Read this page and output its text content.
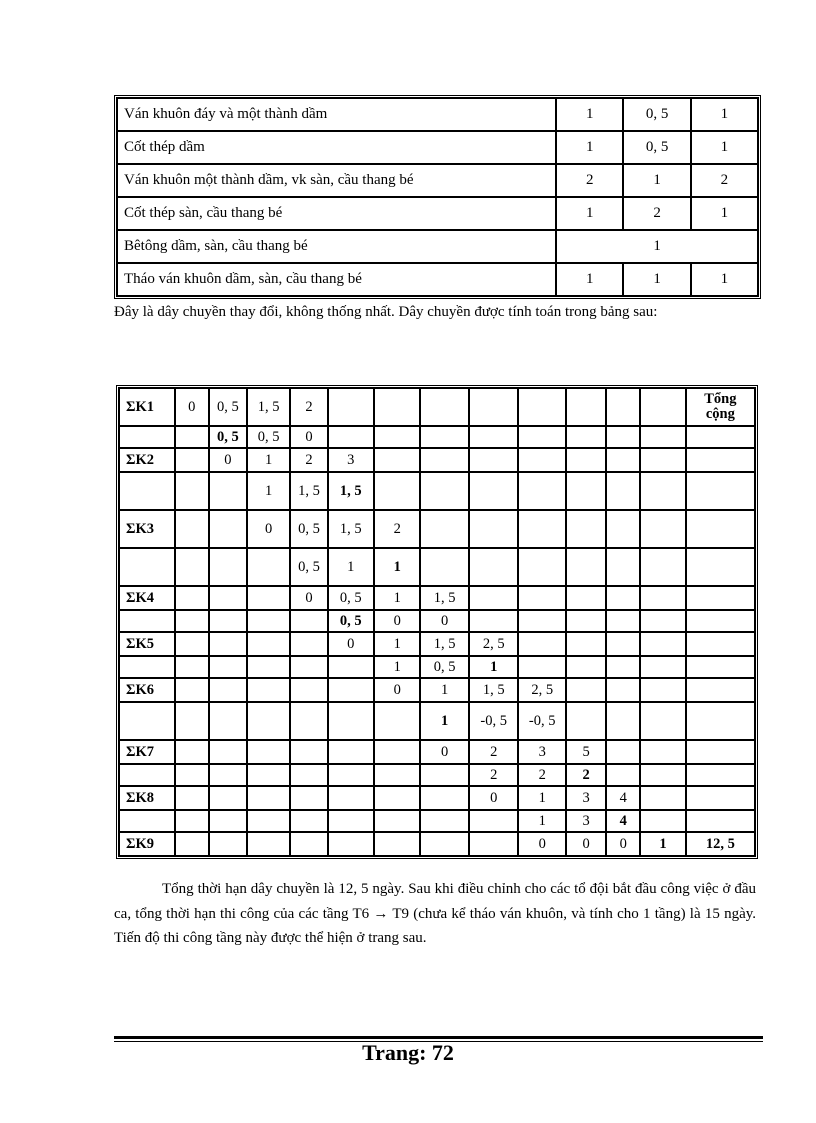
Ván khuôn đáy và một thành dầm	1	0, 5	1
Cốt thép dầm	1	0, 5	1
Ván khuôn một thành dầm, vk sàn, cầu thang bé	2	1	2
Cốt thép sàn, cầu thang bé	1	2	1
Bêtông dầm, sàn, cầu thang bé	1		
Tháo ván khuôn dầm, sàn, cầu thang bé	1	1	1

Đây là dây chuyền thay đổi, không thống nhất. Dây chuyền được tính toán trong bảng sau:

ΣK1	0	0, 5	1, 5	2									Tổng cộng
		0, 5	0, 5	0									
ΣK2		0	1	2	3								
			1	1, 5	1, 5								
ΣK3			0	0, 5	1, 5	2							
				0, 5	1	1							
ΣK4				0	0, 5	1	1, 5						
					0, 5	0	0						
ΣK5					0	1	1, 5	2, 5					
						1	0, 5	1					
ΣK6						0	1	1, 5	2, 5				
							1	-0, 5	-0, 5				
ΣK7							0	2	3	5			
								2	2	2			
ΣK8								0	1	3	4		
									1	3	4		
ΣK9									0	0	0	1	12, 5

Tổng thời hạn dây chuyền là 12, 5 ngày. Sau khi điều chỉnh cho các tổ đội bắt đầu công việc ở đầu ca, tổng thời hạn thi công của các tầng T6 → T9 (chưa kể tháo ván khuôn, và tính cho 1 tầng) là 15 ngày. Tiến độ thi công tầng này được thể hiện ở trang sau.

Trang: 72
